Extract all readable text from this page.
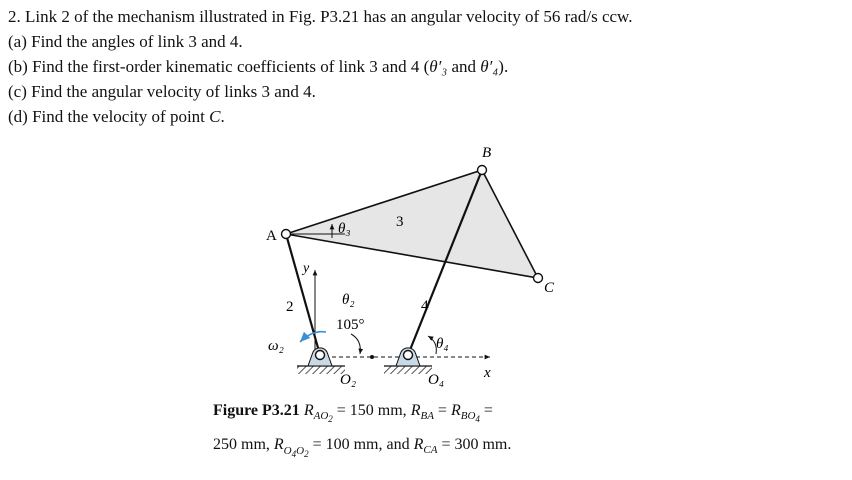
2. Link 2 of the mechanism illustrated in Fig. P3.21 has an angular velocity of 56 rad/s ccw.
(a) Find the angles of link 3 and 4.
(b) Find the first-order kinematic coefficients of link 3 and 4 (θ′₃ and θ′₄).
(c) Find the angular velocity of links 3 and 4.
(d) Find the velocity of point C.
A
B
C
2
3
4
θ₃
θ₂
105°
θ₄
ω₂
O₂	O₄	x
y
Figure P3.21 $R_{AO_2} = 150$ mm, $R_{BA} = R_{BO_4}$ =
250 mm, $R_{O_4O_2} = 100$ mm, and $R_{CA} = 300$ mm.
